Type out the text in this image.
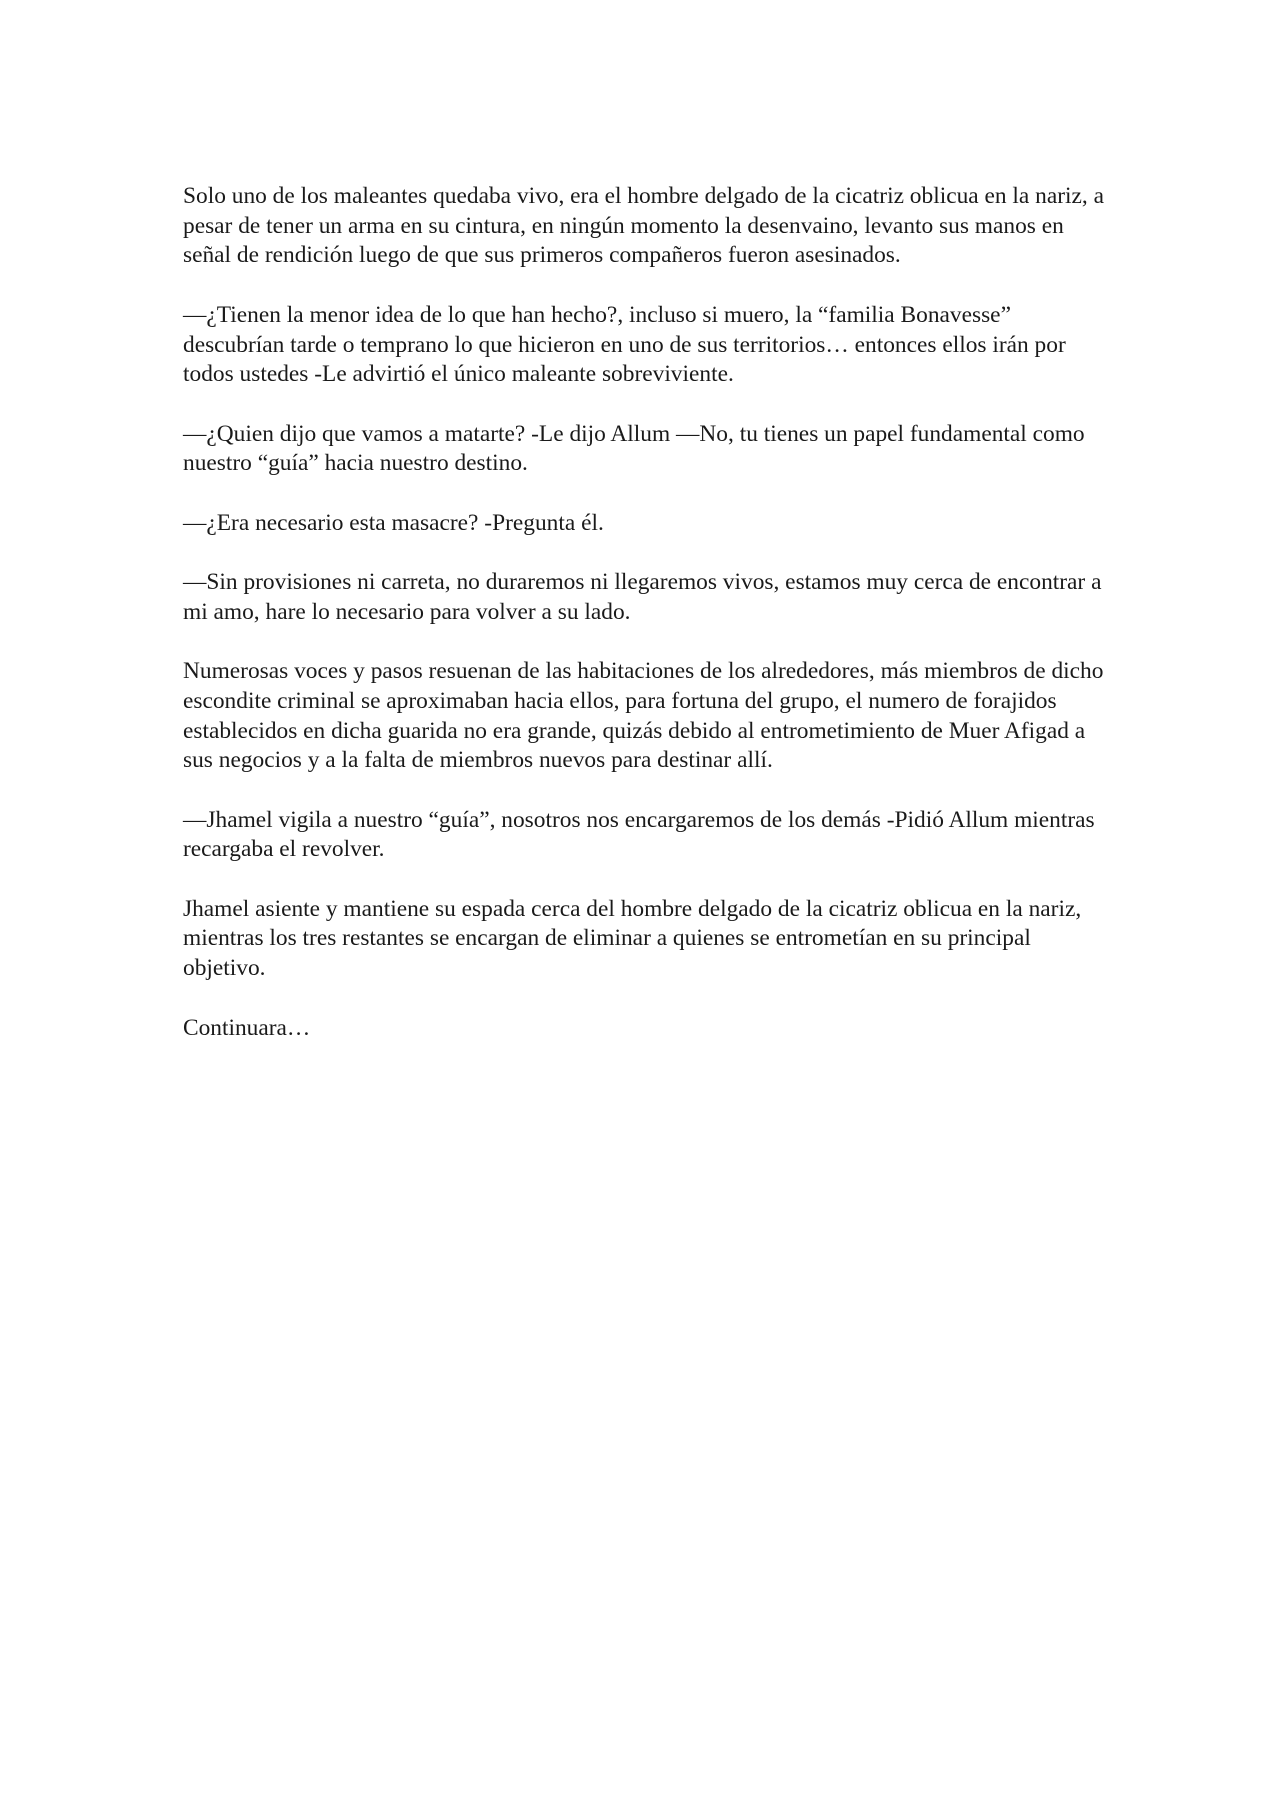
Solo uno de los maleantes quedaba vivo, era el hombre delgado de la cicatriz oblicua en la nariz, a pesar de tener un arma en su cintura, en ningún momento la desenvaino, levanto sus manos en señal de rendición luego de que sus primeros compañeros fueron asesinados.

—¿Tienen la menor idea de lo que han hecho?, incluso si muero, la “familia Bonavesse” descubrían tarde o temprano lo que hicieron en uno de sus territorios… entonces ellos irán por todos ustedes -Le advirtió el único maleante sobreviviente.

—¿Quien dijo que vamos a matarte? -Le dijo Allum —No, tu tienes un papel fundamental como nuestro “guía” hacia nuestro destino.

—¿Era necesario esta masacre? -Pregunta él.

—Sin provisiones ni carreta, no duraremos ni llegaremos vivos, estamos muy cerca de encontrar a mi amo, hare lo necesario para volver a su lado.

Numerosas voces y pasos resuenan de las habitaciones de los alrededores, más miembros de dicho escondite criminal se aproximaban hacia ellos, para fortuna del grupo, el numero de forajidos establecidos en dicha guarida no era grande, quizás debido al entrometimiento de Muer Afigad a sus negocios y a la falta de miembros nuevos para destinar allí.

—Jhamel vigila a nuestro “guía”, nosotros nos encargaremos de los demás -Pidió Allum mientras recargaba el revolver.

Jhamel asiente y mantiene su espada cerca del hombre delgado de la cicatriz oblicua en la nariz, mientras los tres restantes se encargan de eliminar a quienes se entrometían en su principal objetivo.

Continuara…
